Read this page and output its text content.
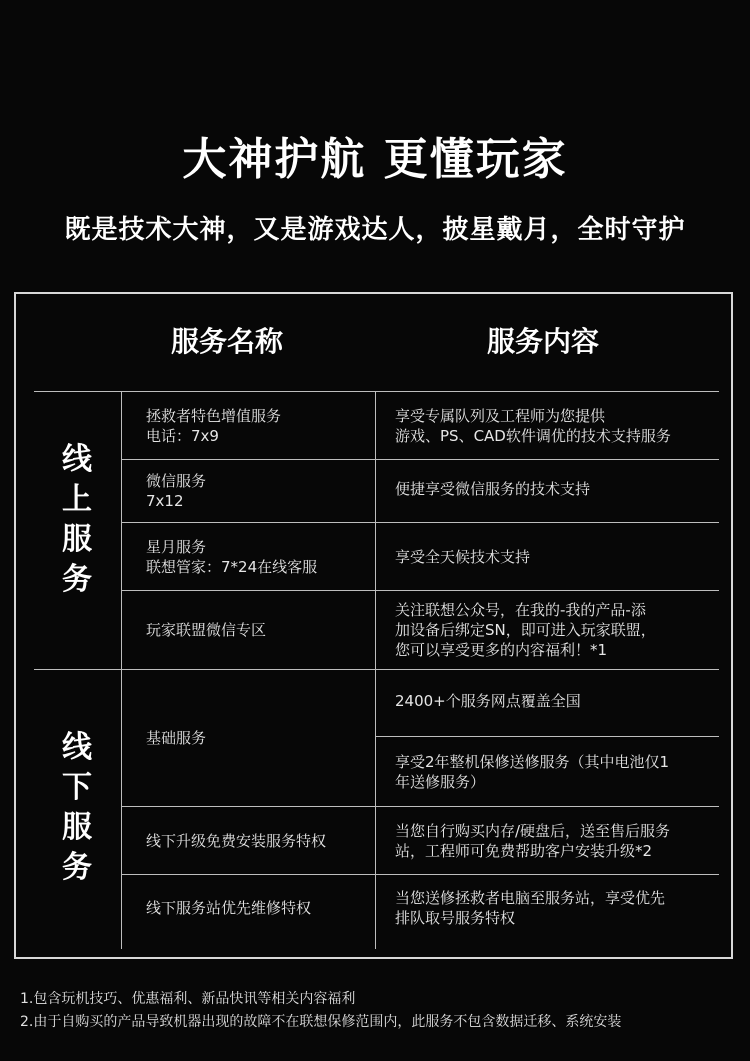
大神护航 更懂玩家
既是技术大神，又是游戏达人，披星戴月，全时守护
服务名称	服务内容
线
上
服
务
线
下
服
务
拯救者特色增值服务
电话：7x9
享受专属队列及工程师为您提供
游戏、PS、CAD软件调优的技术支持服务
微信服务
7x12
便捷享受微信服务的技术支持
星月服务
联想管家：7*24在线客服
享受全天候技术支持
玩家联盟微信专区
关注联想公众号，在我的-我的产品-添
加设备后绑定SN，即可进入玩家联盟，
您可以享受更多的内容福利！*1
基础服务
2400+个服务网点覆盖全国
享受2年整机保修送修服务（其中电池仅1
年送修服务）
线下升级免费安装服务特权
当您自行购买内存/硬盘后，送至售后服务
站，工程师可免费帮助客户安装升级*2
线下服务站优先维修特权
当您送修拯救者电脑至服务站，享受优先
排队取号服务特权
1.包含玩机技巧、优惠福利、新品快讯等相关内容福利
2.由于自购买的产品导致机器出现的故障不在联想保修范围内，此服务不包含数据迁移、系统安装
